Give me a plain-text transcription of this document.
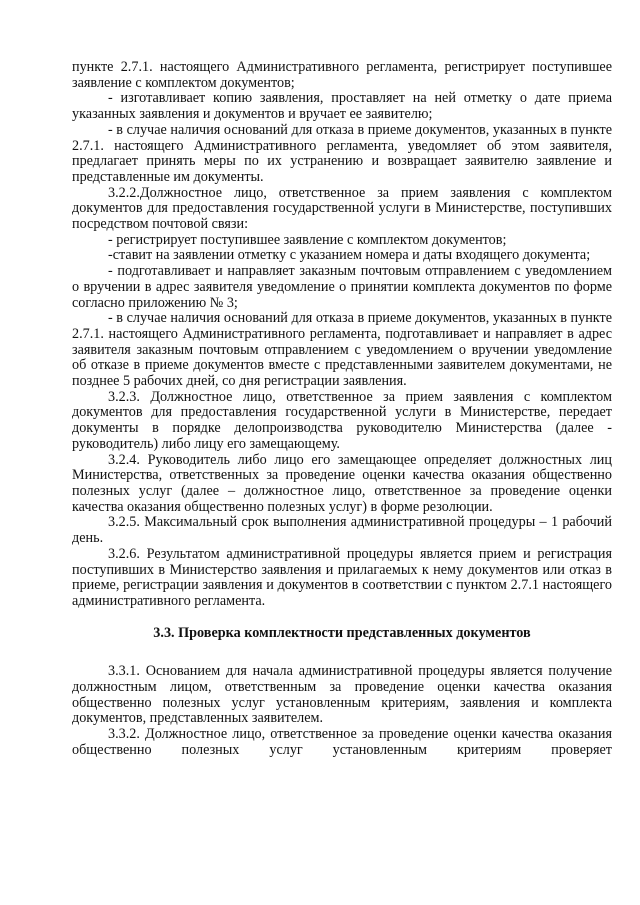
пункте 2.7.1. настоящего Административного регламента, регистрирует поступившее заявление с комплектом документов;

- изготавливает копию заявления, проставляет на ней отметку о дате приема указанных заявления и документов и вручает ее заявителю;

- в случае наличия оснований для отказа в приеме документов, указанных в пункте 2.7.1. настоящего Административного регламента, уведомляет об этом заявителя, предлагает принять меры по их устранению и возвращает заявителю заявление и представленные им документы.

3.2.2.Должностное лицо, ответственное за прием заявления с комплектом документов для предоставления государственной услуги в Министерстве, поступивших посредством почтовой связи:

- регистрирует поступившее заявление с комплектом документов;

-ставит на заявлении отметку с указанием номера и даты входящего документа;

- подготавливает и направляет заказным почтовым отправлением с уведомлением о вручении в адрес заявителя уведомление о принятии комплекта документов по форме согласно приложению № 3;

- в случае наличия оснований для отказа в приеме документов, указанных в пункте 2.7.1. настоящего Административного регламента, подготавливает и направляет в адрес заявителя заказным почтовым отправлением с уведомлением о вручении уведомление об отказе в приеме документов вместе с представленными заявителем документами, не позднее 5 рабочих дней, со дня регистрации заявления.

3.2.3. Должностное лицо, ответственное за прием заявления с комплектом документов для предоставления государственной услуги в Министерстве, передает документы в порядке делопроизводства руководителю Министерства (далее - руководитель) либо лицу его замещающему.

3.2.4. Руководитель либо лицо его замещающее определяет должностных лиц Министерства, ответственных за проведение оценки качества оказания общественно полезных услуг (далее – должностное лицо, ответственное за проведение оценки качества оказания общественно полезных услуг) в форме резолюции.

3.2.5. Максимальный срок выполнения административной процедуры – 1 рабочий день.

3.2.6. Результатом административной процедуры является прием и регистрация поступивших в Министерство заявления и прилагаемых к нему документов или отказ в приеме, регистрации заявления и документов в соответствии с пунктом 2.7.1 настоящего административного регламента.

3.3. Проверка комплектности представленных документов

3.3.1. Основанием для начала административной процедуры является получение должностным лицом, ответственным за проведение оценки качества оказания общественно полезных услуг установленным критериям, заявления и комплекта документов, представленных заявителем.

3.3.2. Должностное лицо, ответственное за проведение оценки качества оказания общественно полезных услуг установленным критериям проверяет
